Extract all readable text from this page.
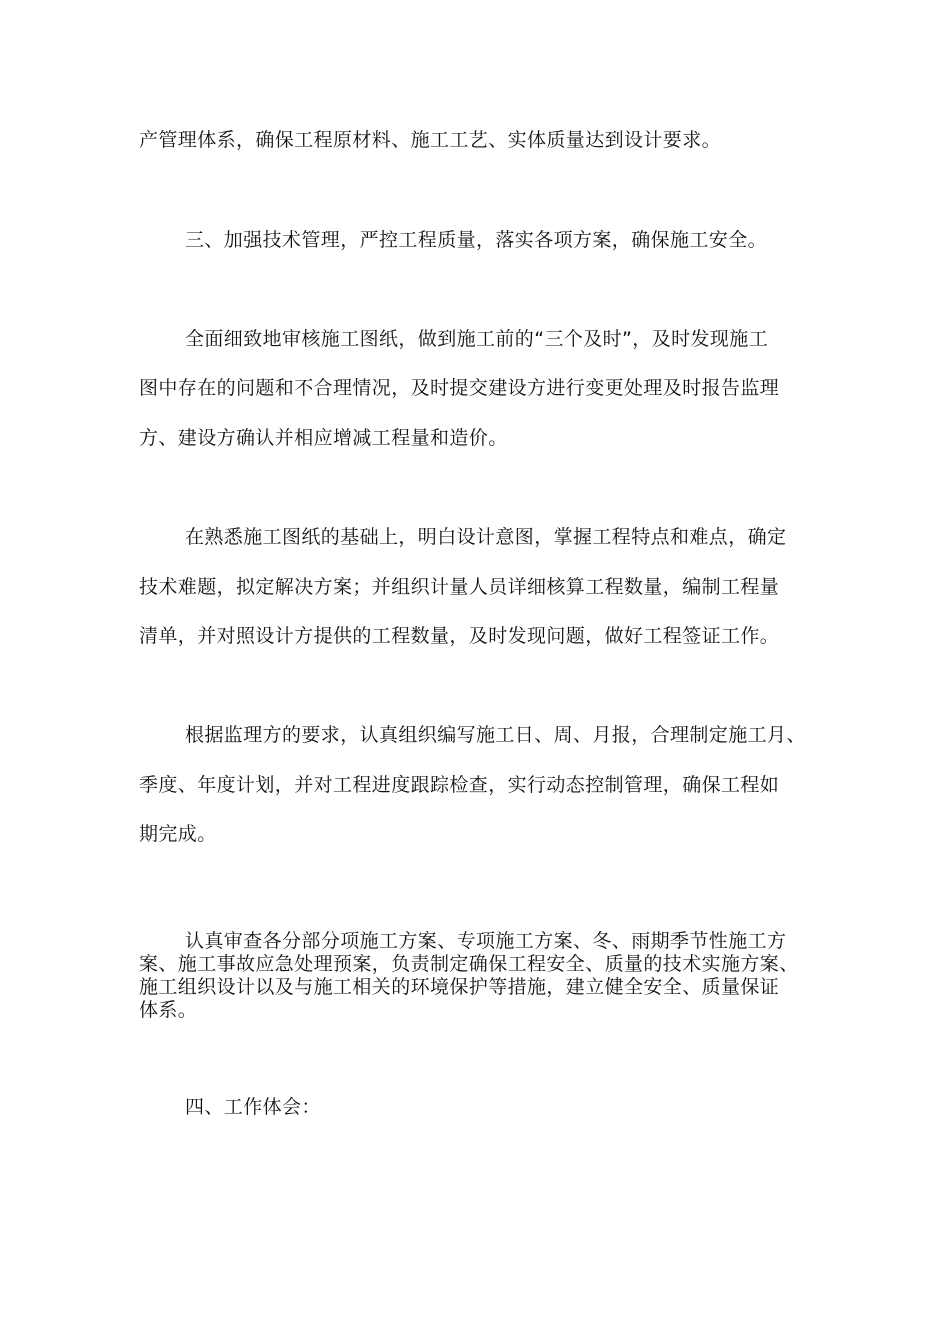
产管理体系，确保工程原材料、施工工艺、实体质量达到设计要求。
三、加强技术管理，严控工程质量，落实各项方案，确保施工安全。
全面细致地审核施工图纸，做到施工前的“三个及时”，及时发现施工
图中存在的问题和不合理情况，及时提交建设方进行变更处理及时报告监理
方、建设方确认并相应增减工程量和造价。
在熟悉施工图纸的基础上，明白设计意图，掌握工程特点和难点，确定
技术难题，拟定解决方案；并组织计量人员详细核算工程数量，编制工程量
清单，并对照设计方提供的工程数量，及时发现问题，做好工程签证工作。
根据监理方的要求，认真组织编写施工日、周、月报，合理制定施工月、
季度、年度计划，并对工程进度跟踪检查，实行动态控制管理，确保工程如
期完成。
认真审查各分部分项施工方案、专项施工方案、冬、雨期季节性施工方
案、施工事故应急处理预案，负责制定确保工程安全、质量的技术实施方案、
施工组织设计以及与施工相关的环境保护等措施，建立健全安全、质量保证
体系。
四、工作体会：
